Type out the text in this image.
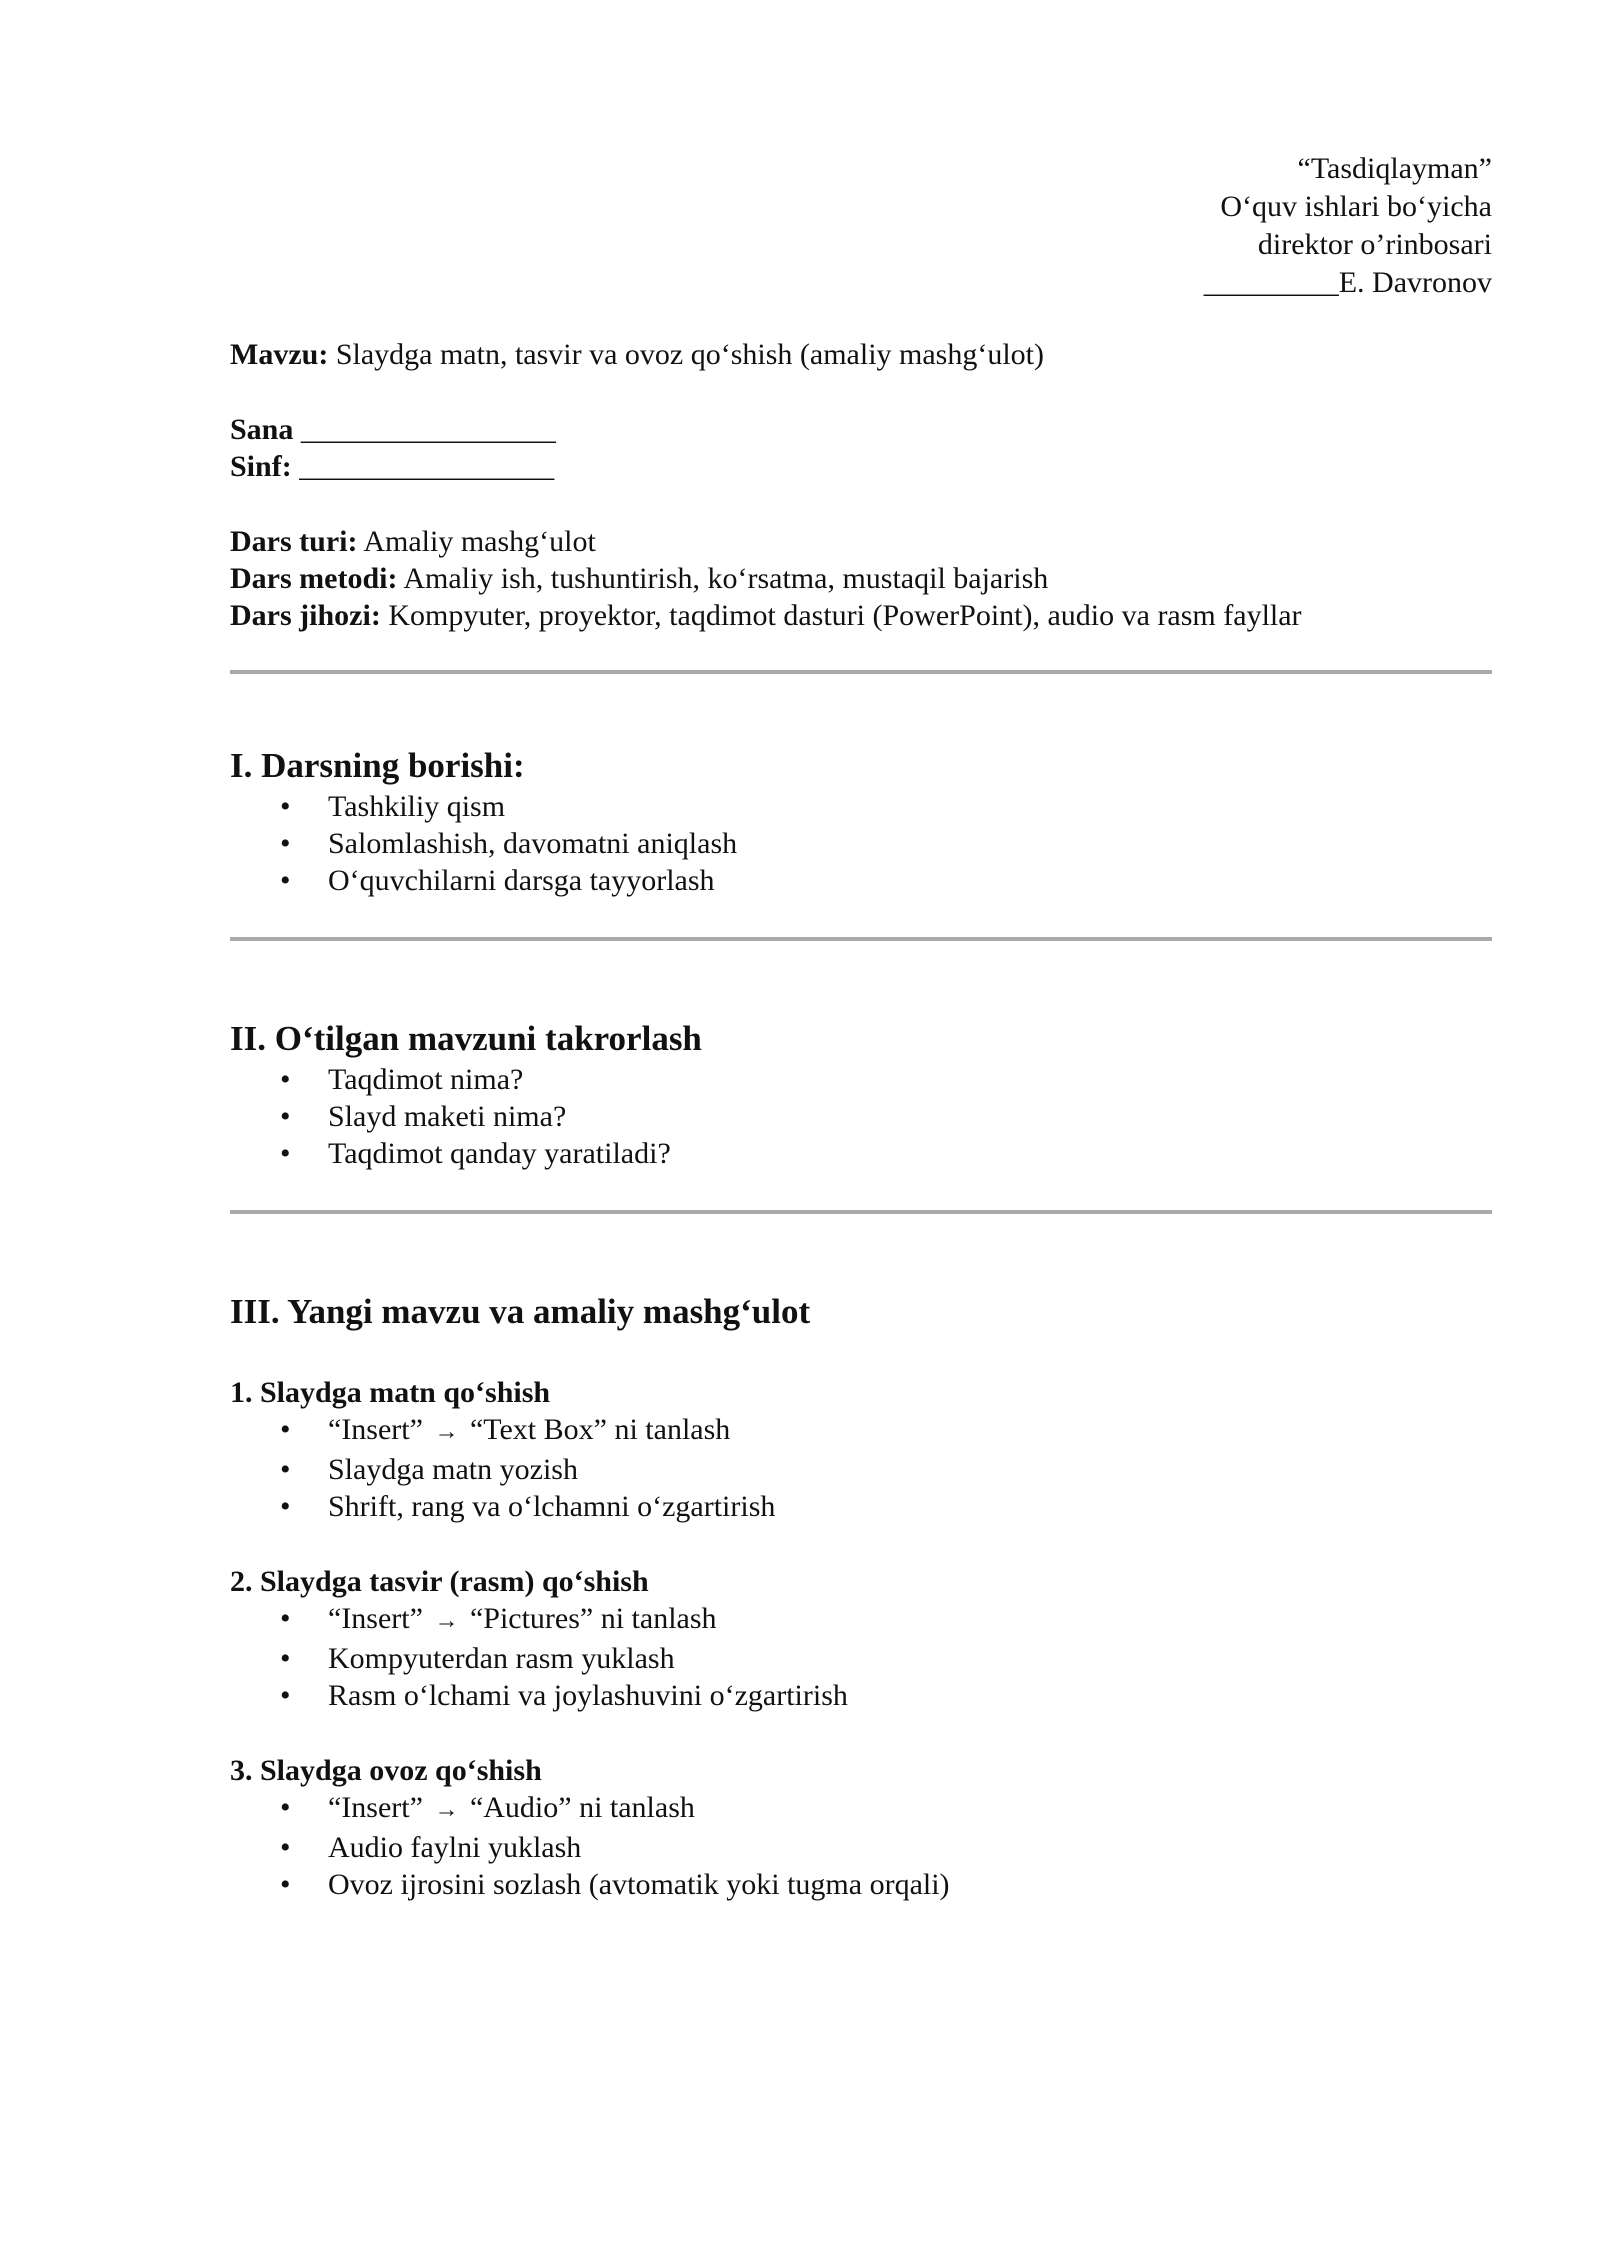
“Tasdiqlayman”
O‘quv ishlari bo‘yicha
direktor o’rinbosari
_________E. Davronov
Mavzu: Slaydga matn, tasvir va ovoz qo‘shish (amaliy mashg‘ulot)
Sana _________________
Sinf: _________________
Dars turi: Amaliy mashg‘ulot
Dars metodi: Amaliy ish, tushuntirish, ko‘rsatma, mustaqil bajarish
Dars jihozi: Kompyuter, proyektor, taqdimot dasturi (PowerPoint), audio va rasm fayllar
I. Darsning borishi:
• Tashkiliy qism
• Salomlashish, davomatni aniqlash
• O‘quvchilarni darsga tayyorlash
II. O‘tilgan mavzuni takrorlash
• Taqdimot nima?
• Slayd maketi nima?
• Taqdimot qanday yaratiladi?
III. Yangi mavzu va amaliy mashg‘ulot
1. Slaydga matn qo‘shish
• “Insert” → “Text Box” ni tanlash
• Slaydga matn yozish
• Shrift, rang va o‘lchamni o‘zgartirish
2. Slaydga tasvir (rasm) qo‘shish
• “Insert” → “Pictures” ni tanlash
• Kompyuterdan rasm yuklash
• Rasm o‘lchami va joylashuvini o‘zgartirish
3. Slaydga ovoz qo‘shish
• “Insert” → “Audio” ni tanlash
• Audio faylni yuklash
• Ovoz ijrosini sozlash (avtomatik yoki tugma orqali)
